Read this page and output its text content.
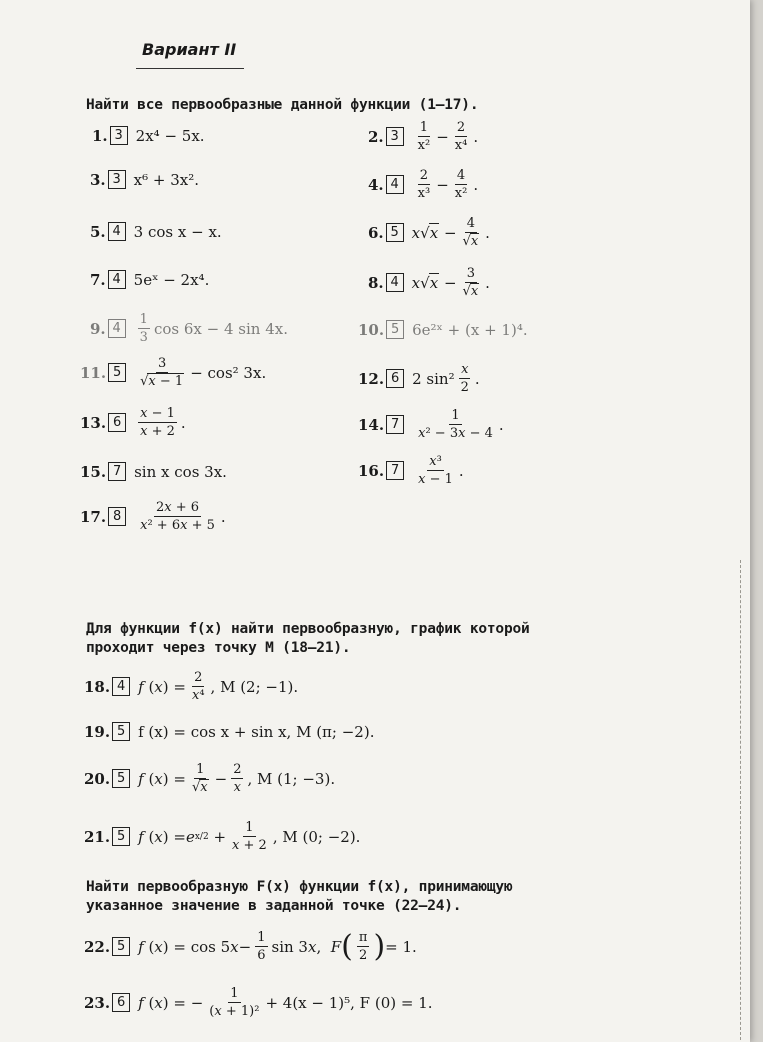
Вариант II
Найти все первообразные данной функции (1—17).
1. 3 2x⁴ − 5x.	2. 3	$\frac{1}{\text{x²}} - \frac{2}{\text{x⁴}}$ .
3. 3 x⁶ + 3x².	4. 4	$\frac{2}{\text{x³}} - \frac{4}{\text{x²}}$ .
5. 4 3 cos x − x.	6. 5 x √ $x - \frac{4}{√x}$ .
7. 4 5eˣ − 2x⁴.	8. 4 x √ $x - \frac{3}{√x}$ .
9. 4	$\frac{1}{3}$ cos 6x − 4 sin 4x.	10. 5 6e²ˣ + (x + 1)⁴.
11. 5	$\frac{3}{√x - 1} - \cos^2$ 3x.	12. 6 2 $\sin^2 \frac{x}{2}$ .
13. 6	$\frac{x - 1}{x + 2}$ .	14. 7	$\frac{1}{\text{x² − 3x − 4}}$ .
15. 7 sin x cos 3x.	16. 7	$\frac{\text{x³}}{x - 1}$ .
17. 8	$\frac{2x + 6}{\text{x² + 6x + 5}}$ .
Для функции f(x) найти первообразную, график которой
проходит через точку M (18—21).
18. 4 f ( x ) = $\frac{2}{\text{x⁴}}$ , M (2; −1).
19. 5 f (x) = cos x + sin x, M (π; −2).
20. 5 f ( x ) = $\frac{1}{√x} - \frac{2}{x}$ , M (1; −3).
21. 5 f ( x ) = e $x/2 + \frac{1}{x + 2}$ , M (0; −2).
Найти первообразную F(x) функции f(x), принимающую
указанное значение в заданной точке (22—24).
22. 5 f ( x ) = cos 5 $x - \frac{1}{6}$ sin 3 x , F ( $\frac{\pi}{2}$ ) = 1.
23. 6 f ( x ) = − $\frac{1}{\text{(x + 1)²}} + 4(x - 1)^5$, F (0) = 1.
